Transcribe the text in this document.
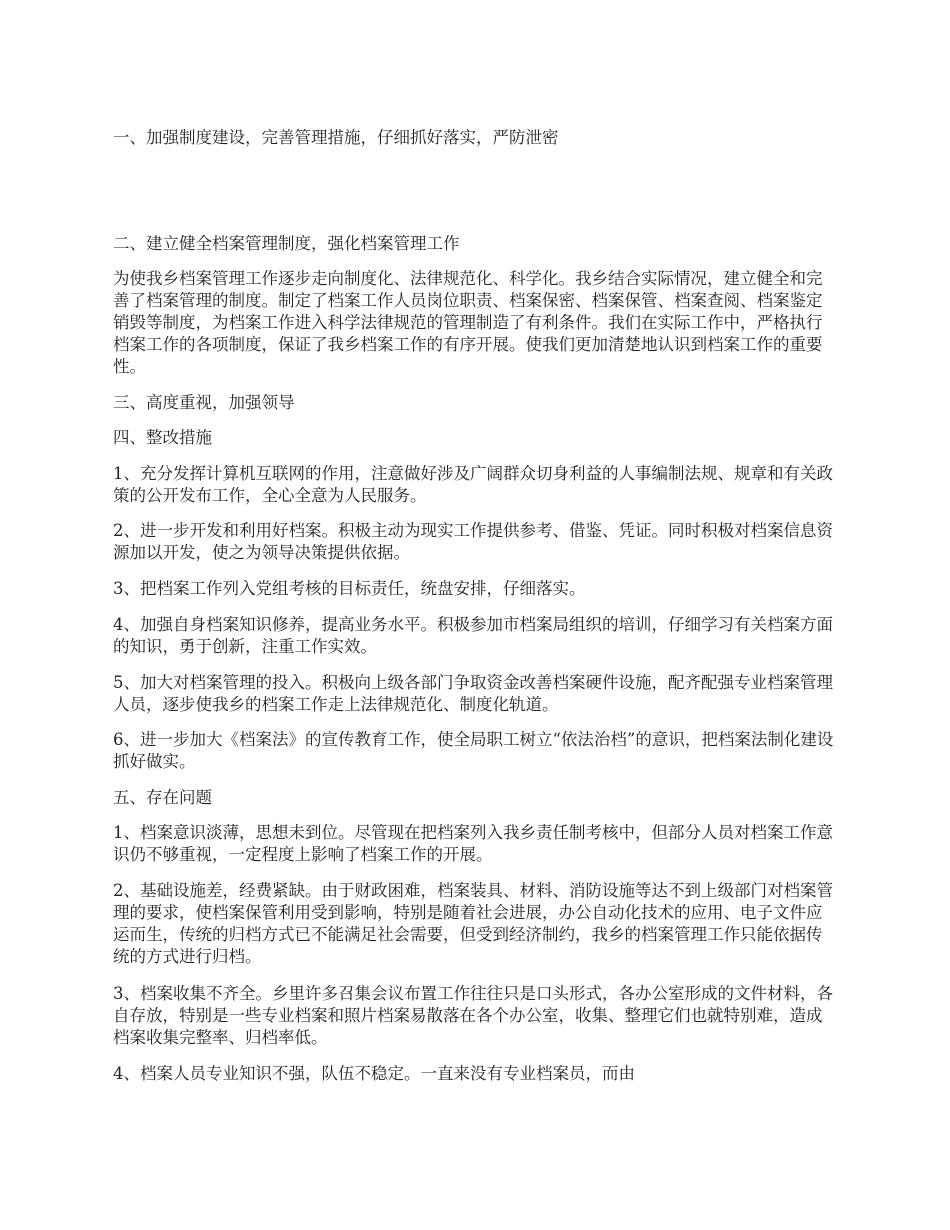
一、加强制度建设，完善管理措施，仔细抓好落实，严防泄密

二、建立健全档案管理制度，强化档案管理工作

为使我乡档案管理工作逐步走向制度化、法律规范化、科学化。我乡结合实际情况，建立健全和完善了档案管理的制度。制定了档案工作人员岗位职责、档案保密、档案保管、档案查阅、档案鉴定销毁等制度，为档案工作进入科学法律规范的管理制造了有利条件。我们在实际工作中，严格执行档案工作的各项制度，保证了我乡档案工作的有序开展。使我们更加清楚地认识到档案工作的重要性。

三、高度重视，加强领导

四、整改措施

1、充分发挥计算机互联网的作用，注意做好涉及广阔群众切身利益的人事编制法规、规章和有关政策的公开发布工作，全心全意为人民服务。

2、进一步开发和利用好档案。积极主动为现实工作提供参考、借鉴、凭证。同时积极对档案信息资源加以开发，使之为领导决策提供依据。

3、把档案工作列入党组考核的目标责任，统盘安排，仔细落实。

4、加强自身档案知识修养，提高业务水平。积极参加市档案局组织的培训，仔细学习有关档案方面的知识，勇于创新，注重工作实效。

5、加大对档案管理的投入。积极向上级各部门争取资金改善档案硬件设施，配齐配强专业档案管理人员，逐步使我乡的档案工作走上法律规范化、制度化轨道。

6、进一步加大《档案法》的宣传教育工作，使全局职工树立“依法治档”的意识，把档案法制化建设抓好做实。

五、存在问题

1、档案意识淡薄，思想未到位。尽管现在把档案列入我乡责任制考核中，但部分人员对档案工作意识仍不够重视，一定程度上影响了档案工作的开展。

2、基础设施差，经费紧缺。由于财政困难，档案装具、材料、消防设施等达不到上级部门对档案管理的要求，使档案保管利用受到影响，特别是随着社会进展，办公自动化技术的应用、电子文件应运而生，传统的归档方式已不能满足社会需要，但受到经济制约，我乡的档案管理工作只能依据传统的方式进行归档。

3、档案收集不齐全。乡里许多召集会议布置工作往往只是口头形式，各办公室形成的文件材料，各自存放，特别是一些专业档案和照片档案易散落在各个办公室，收集、整理它们也就特别难，造成档案收集完整率、归档率低。

4、档案人员专业知识不强，队伍不稳定。一直来没有专业档案员，而由
